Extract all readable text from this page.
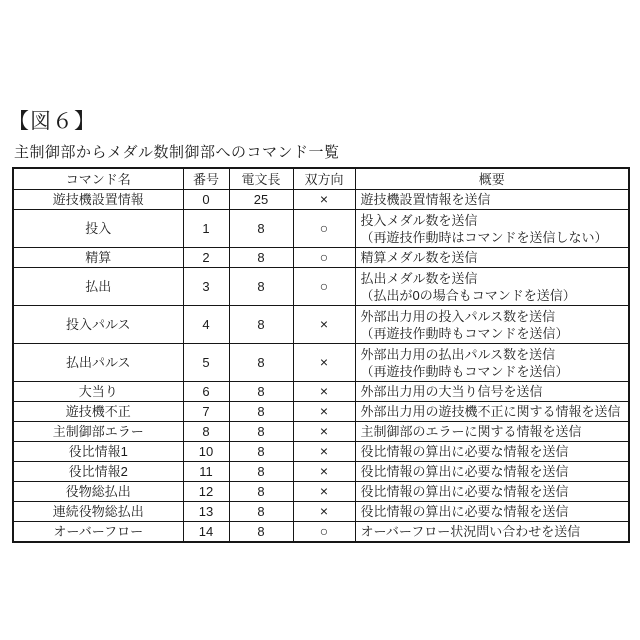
【図６】
主制御部からメダル数制御部へのコマンド一覧
コマンド名	番号	電文長	双方向	概要
遊技機設置情報	0	25	×	遊技機設置情報を送信

投入	1	8	○	投入メダル数を送信
（再遊技作動時はコマンドを送信しない）

精算	2	8	○	精算メダル数を送信

払出	3	8	○	払出メダル数を送信
（払出が0の場合もコマンドを送信）

投入パルス	4	8	×	外部出力用の投入パルス数を送信
（再遊技作動時もコマンドを送信）

払出パルス	5	8	×	外部出力用の払出パルス数を送信
（再遊技作動時もコマンドを送信）

大当り	6	8	×	外部出力用の大当り信号を送信

遊技機不正	7	8	×	外部出力用の遊技機不正に関する情報を送信

主制御部エラー	8	8	×	主制御部のエラーに関する情報を送信

役比情報1	10	8	×	役比情報の算出に必要な情報を送信

役比情報2	11	8	×	役比情報の算出に必要な情報を送信

役物総払出	12	8	×	役比情報の算出に必要な情報を送信

連続役物総払出	13	8	×	役比情報の算出に必要な情報を送信

オーバーフロー	14	8	○	オーバーフロー状況問い合わせを送信
